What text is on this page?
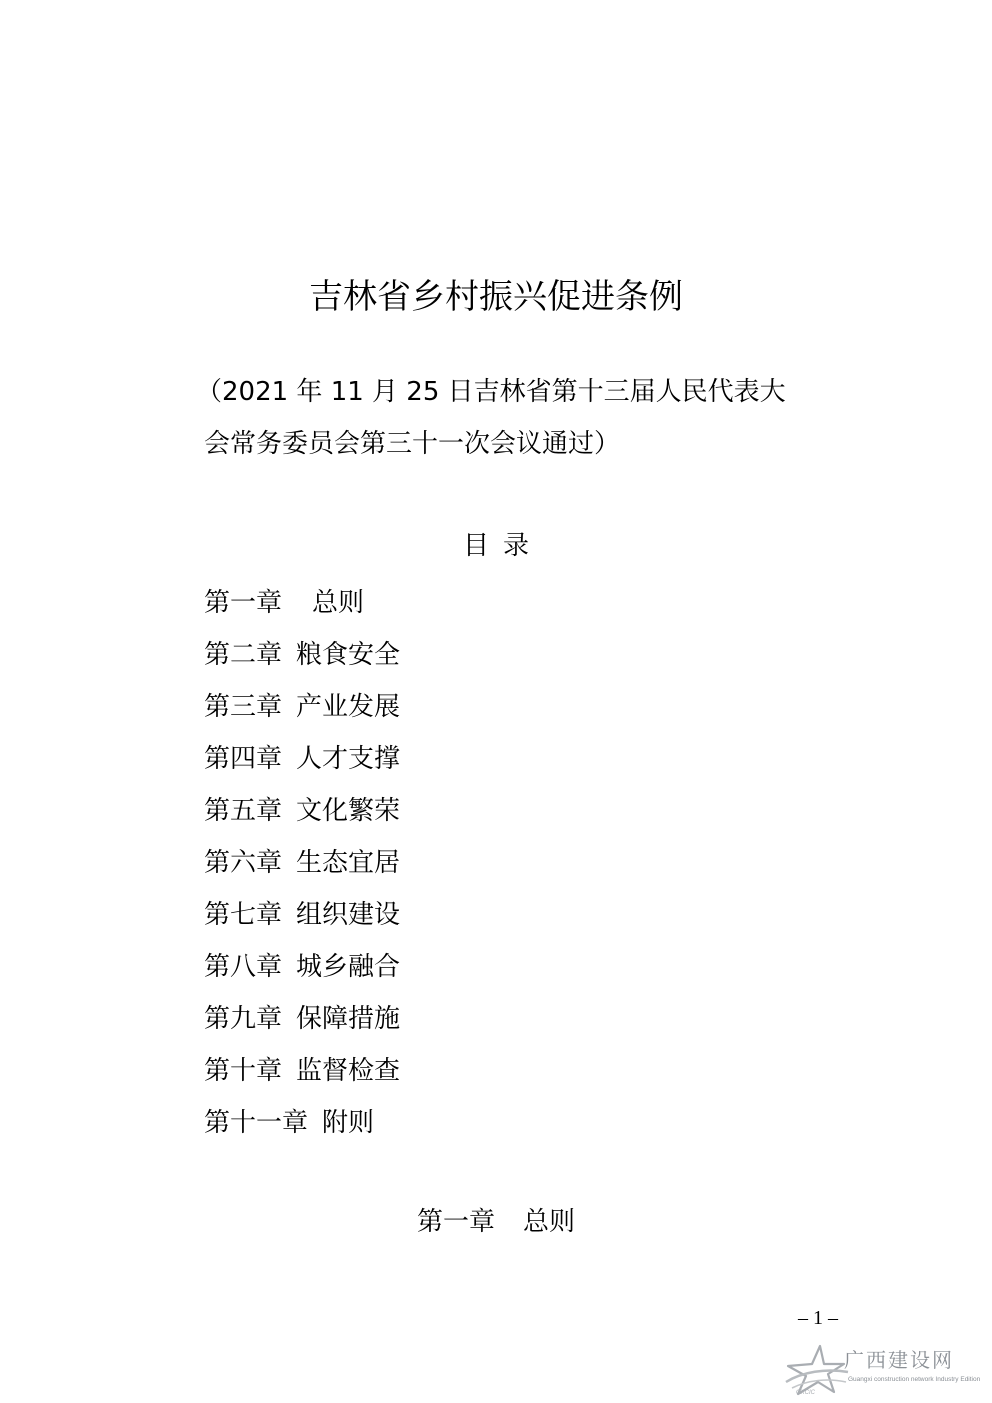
吉林省乡村振兴促进条例
（2021 年 11 月 25 日吉林省第十三届人民代表大
会常务委员会第三十一次会议通过）
目录
第一章 总则
第二章 粮食安全
第三章 产业发展
第四章 人才支撑
第五章 文化繁荣
第六章 生态宜居
第七章 组织建设
第八章 城乡融合
第九章 保障措施
第十章 监督检查
第十一章 附则
第一章 总则
– 1 –
GXCIC
广西建设网
Guangxi construction network Industry Edition
